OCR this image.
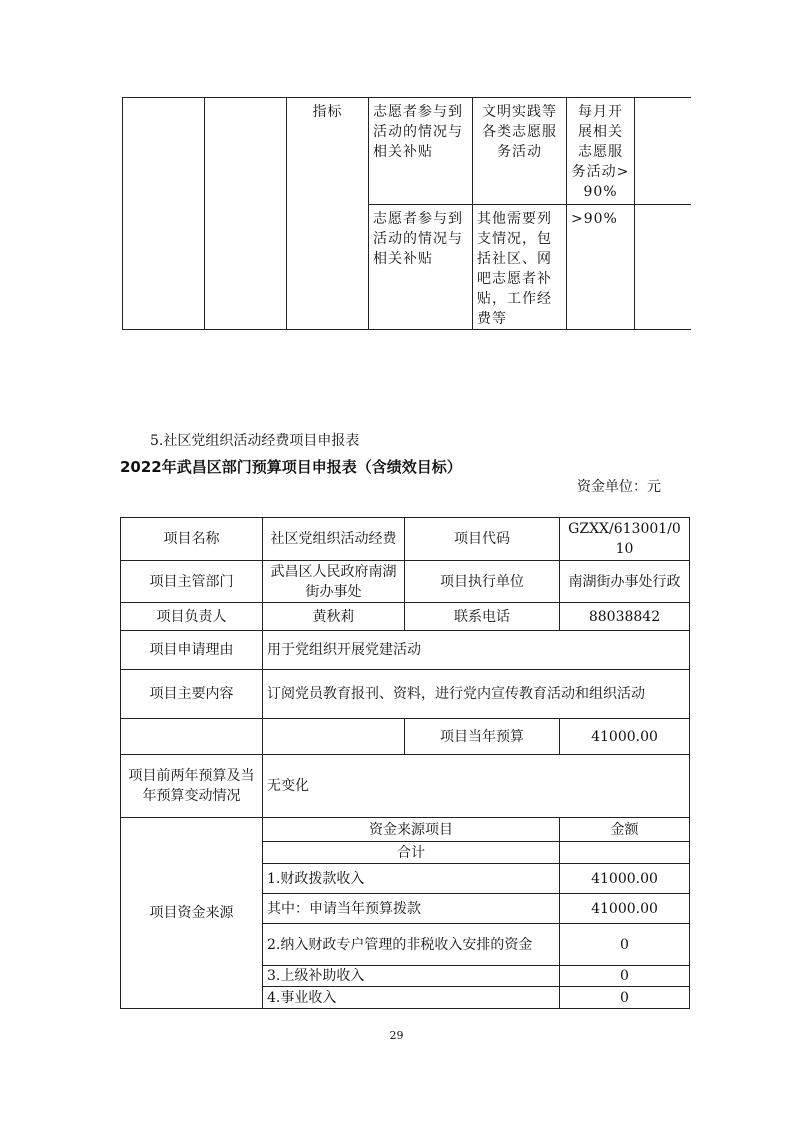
		指标	志愿者参与到活动的情况与相关补贴	文明实践等各类志愿服务活动	每月开展相关志愿服务活动>90%	
			志愿者参与到活动的情况与相关补贴	其他需要列支情况，包括社区、网吧志愿者补贴，工作经费等	>90%	
5.社区党组织活动经费项目申报表
2022年武昌区部门预算项目申报表（含绩效目标）
资金单位：元
项目名称	社区党组织活动经费	项目代码	GZXX/613001/010
项目主管部门	武昌区人民政府南湖街办事处	项目执行单位	南湖街办事处行政
项目负责人	黄秋莉	联系电话	88038842
项目申请理由	用于党组织开展党建活动		
项目主要内容	订阅党员教育报刊、资料，进行党内宣传教育活动和组织活动		
		项目当年预算	41000.00
项目前两年预算及当年预算变动情况	无变化		
项目资金来源	资金来源项目		金额
	合计		
	1.财政拨款收入		41000.00
	其中：申请当年预算拨款		41000.00
	2.纳入财政专户管理的非税收入安排的资金		0
	3.上级补助收入		0
	4.事业收入		0
29
